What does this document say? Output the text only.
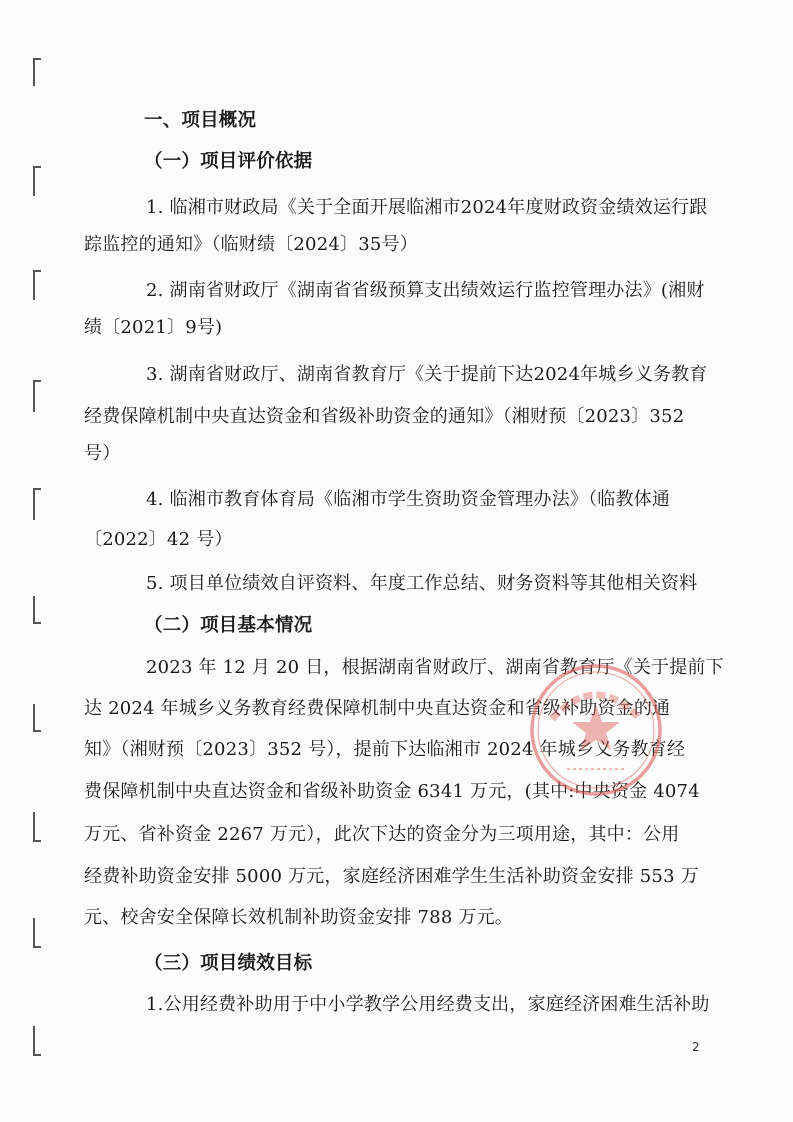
一、项目概况
（一）项目评价依据
1. 临湘市财政局《关于全面开展临湘市2024年度财政资金绩效运行跟
踪监控的通知》（临财绩〔2024〕35号）
2. 湖南省财政厅《湖南省省级预算支出绩效运行监控管理办法》(湘财
绩〔2021〕9号)
3. 湖南省财政厅、湖南省教育厅《关于提前下达2024年城乡义务教育
经费保障机制中央直达资金和省级补助资金的通知》（湘财预〔2023〕352
号）
4. 临湘市教育体育局《临湘市学生资助资金管理办法》（临教体通
〔2022〕42 号）
5. 项目单位绩效自评资料、年度工作总结、财务资料等其他相关资料
（二）项目基本情况
2023 年 12 月 20 日，根据湖南省财政厅、湖南省教育厅《关于提前下
达 2024 年城乡义务教育经费保障机制中央直达资金和省级补助资金的通
知》（湘财预〔2023〕352 号），提前下达临湘市 2024 年城乡义务教育经
费保障机制中央直达资金和省级补助资金 6341 万元，(其中:中央资金 4074
万元、省补资金 2267 万元），此次下达的资金分为三项用途，其中：公用
经费补助资金安排 5000 万元，家庭经济困难学生生活补助资金安排 553 万
元、校舍安全保障长效机制补助资金安排 788 万元。
（三）项目绩效目标
1.公用经费补助用于中小学教学公用经费支出，家庭经济困难生活补助
2
